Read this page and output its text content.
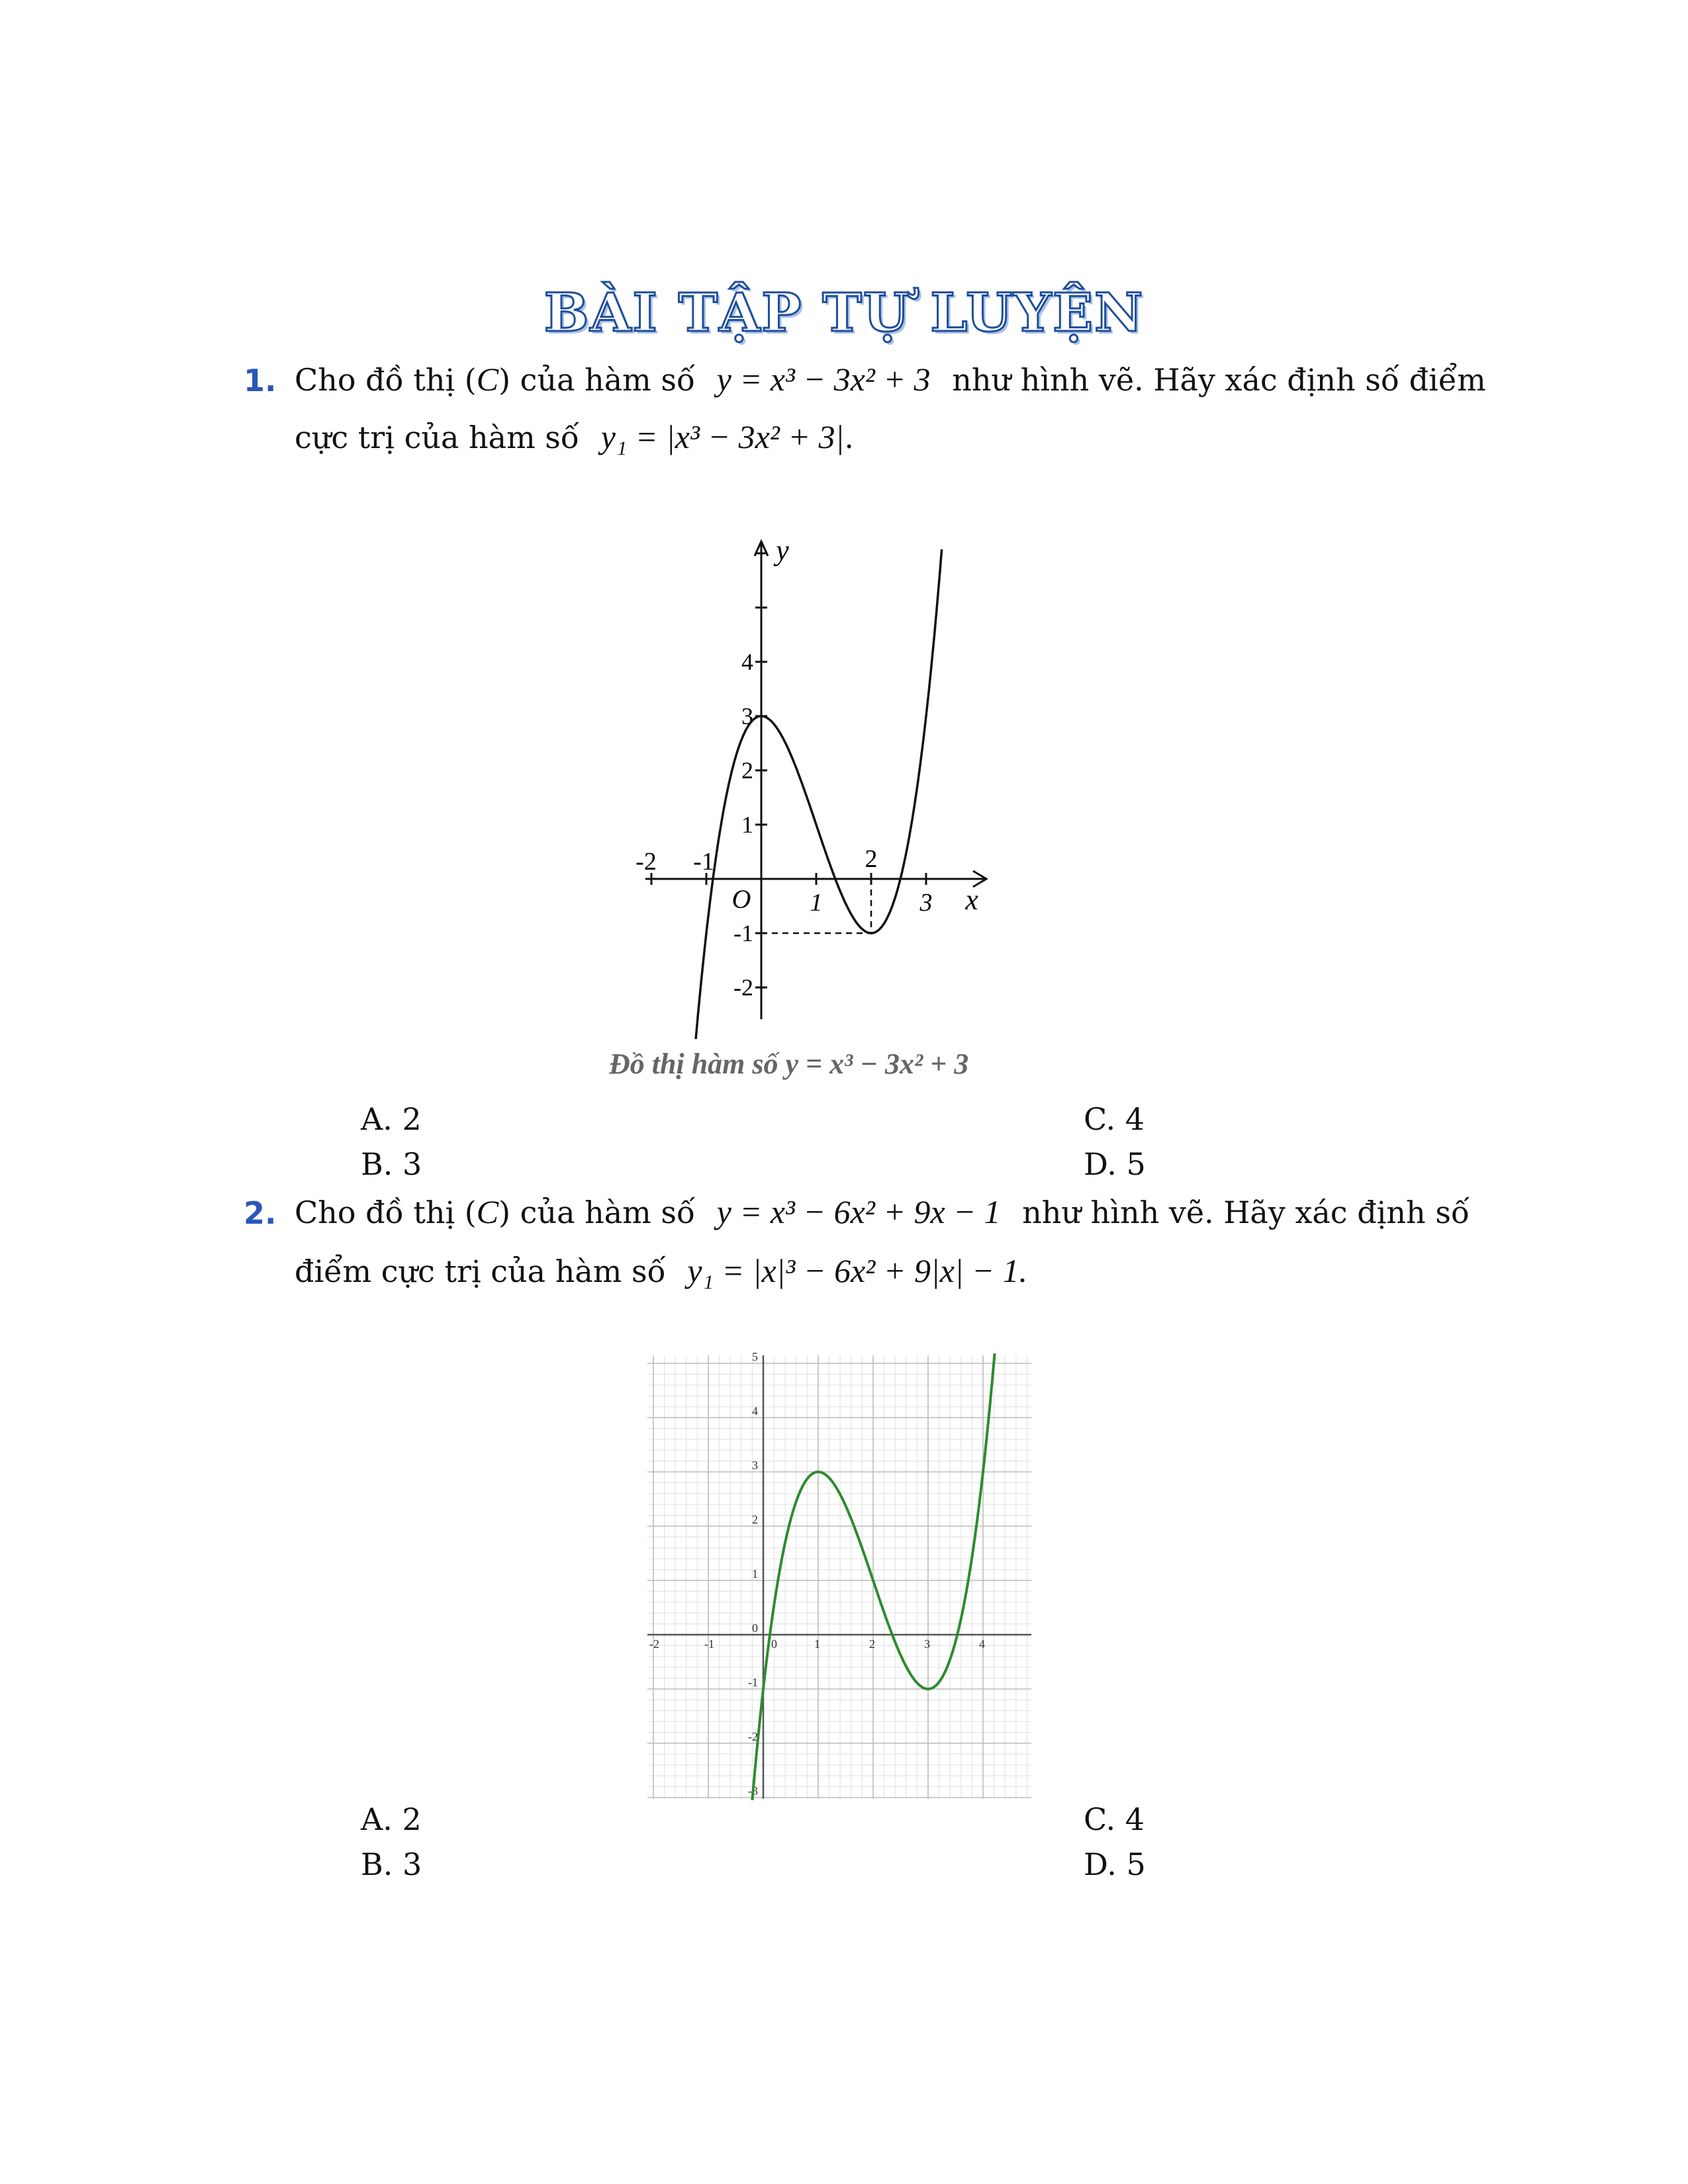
BÀI TẬP TỰ LUYỆN
1. Cho đồ thị (C) của hàm số y = x³ − 3x² + 3 như hình vẽ. Hãy xác định số điểm
cực trị của hàm số y₁ = |x³ − 3x² + 3|.
-2 -1
1
2
3
4
3
2
1
-1
-2
O	x
y
Đồ thị hàm số y = x³ − 3x² + 3
A. 2	C. 4
B. 3	D. 5
2. Cho đồ thị (C) của hàm số y = x³ − 6x² + 9x − 1 như hình vẽ. Hãy xác định số
điểm cực trị của hàm số y₁ = |x|³ − 6x² + 9|x| − 1.
-2	-1	0	1	2	3	4
5
4
3
2
1
0
-1
-2
-3
A. 2	C. 4
B. 3	D. 5
